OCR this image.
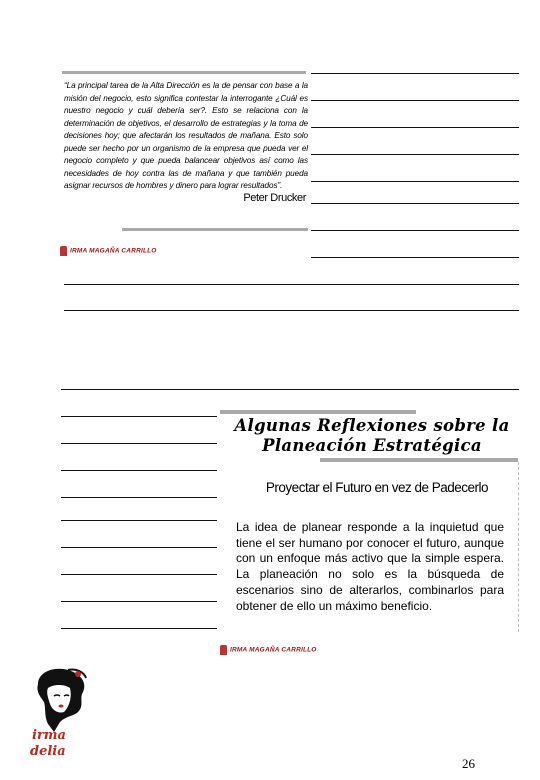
“La principal tarea de la Alta Dirección es la de pensar con base a la misión del negocio, esto significa contestar la interrogante ¿Cuál es nuestro negocio y cuál debería ser?. Esto se relaciona con la determinación de objetivos, el desarrollo de estrategias y la toma de decisiones hoy; que afectarán los resultados de mañana. Esto solo puede ser hecho por un organismo de la empresa que pueda ver el negocio completo y que pueda balancear objetivos así como las necesidades de hoy contra las de mañana y que también pueda asignar recursos de hombres y dinero para lograr resultados”.
Peter Drucker
IRMA MAGAÑA CARRILLO
Algunas Reflexiones sobre la
Planeación Estratégica
Proyectar el Futuro en vez de Padecerlo
La idea de planear responde a la inquietud que tiene el ser humano por conocer el futuro, aunque con un enfoque más activo que la simple espera. La planeación no solo es la búsqueda de escenarios sino de alterarlos, combinarlos para obtener de ello un máximo beneficio.
IRMA MAGAÑA CARRILLO
irma
delia
26
